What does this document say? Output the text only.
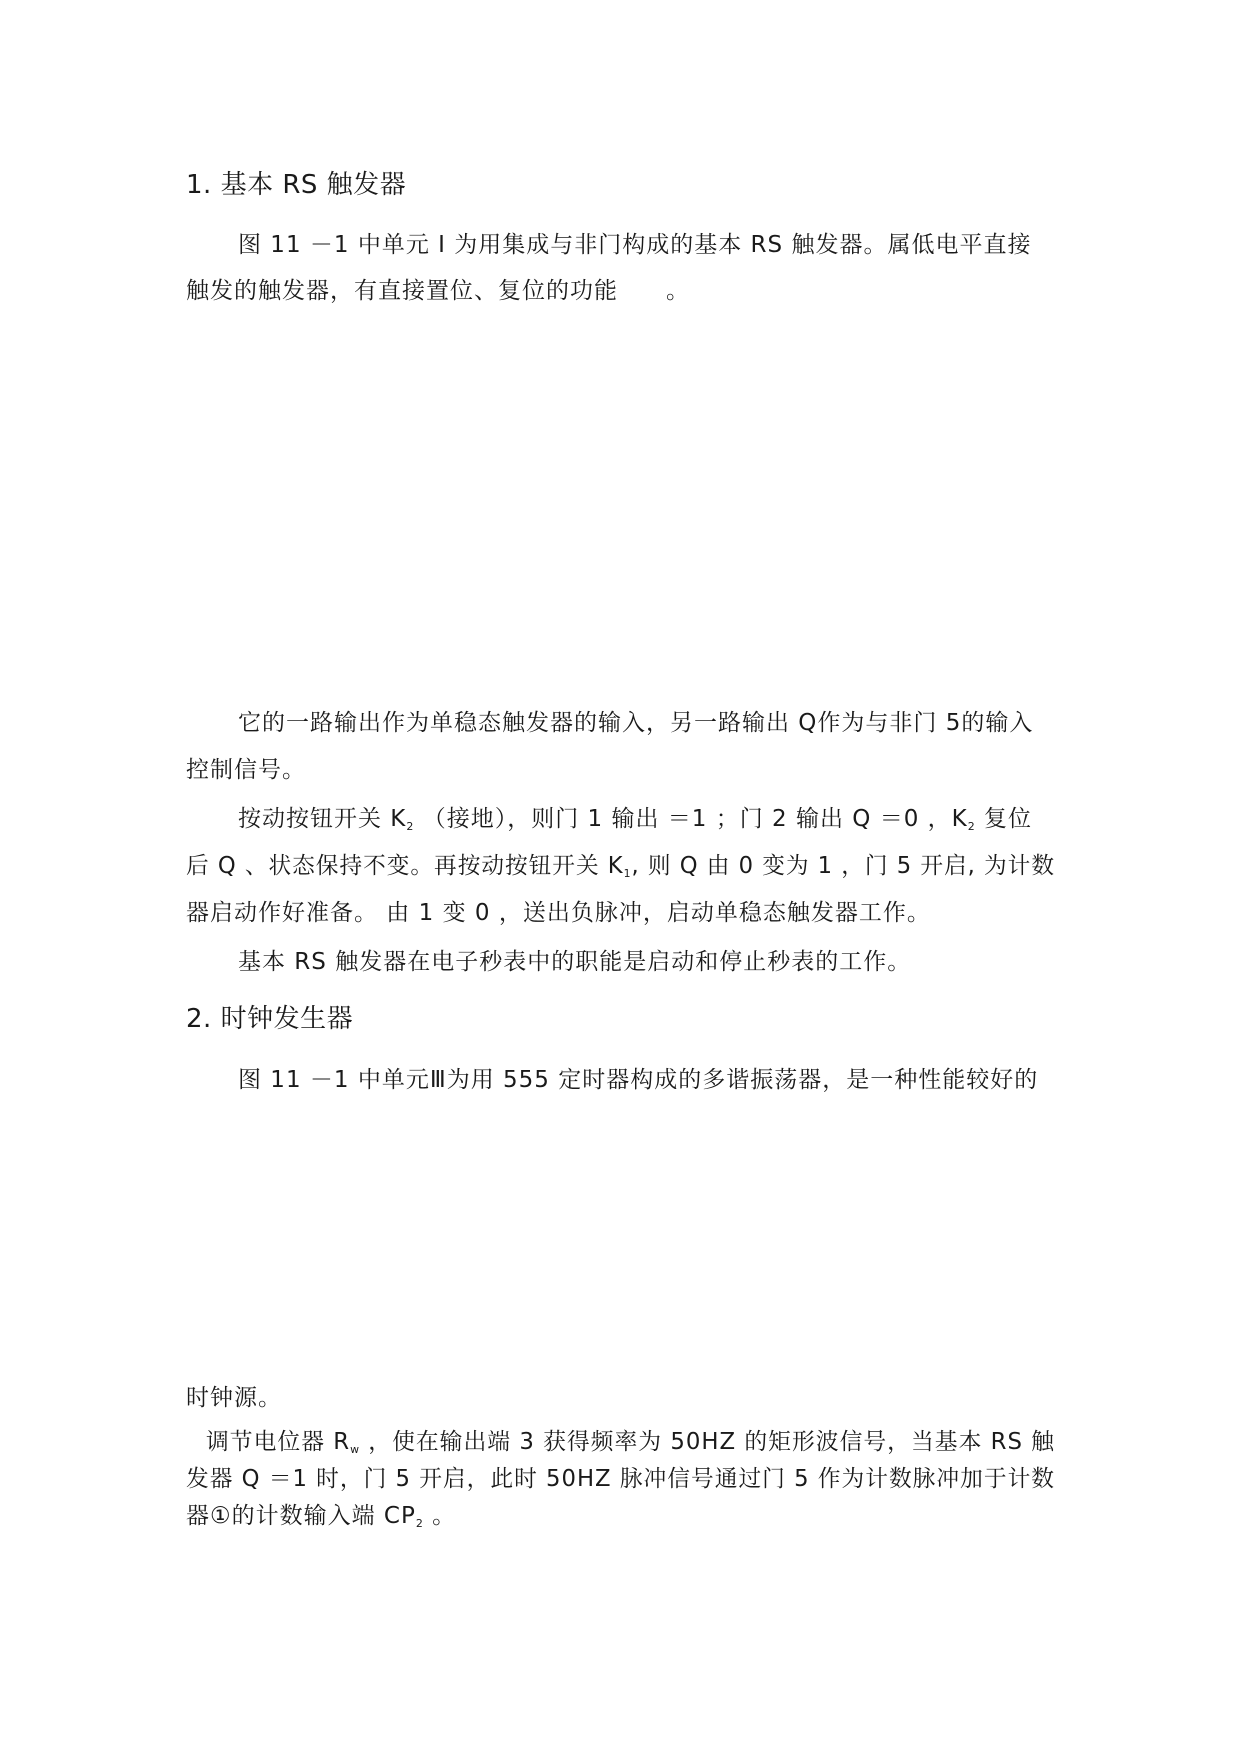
1. 基本 RS 触发器
图 11 －1 中单元 I 为用集成与非门构成的基本 RS 触发器。属低电平直接
触发的触发器，有直接置位、复位的功能　　。
它的一路输出作为单稳态触发器的输入，另一路输出 Q作为与非门 5的输入
控制信号。
按动按钮开关 $K_2$ （接地），则门 1 输出 ＝1 ；门 2 输出 Q ＝0 ，$K_2$ 复位
后 Q 、状态保持不变。再按动按钮开关 $K_1$, 则 Q 由 0 变为 1 ，门 5 开启, 为计数
器启动作好准备。 由 1 变 0 ，送出负脉冲，启动单稳态触发器工作。
基本 RS 触发器在电子秒表中的职能是启动和停止秒表的工作。
2. 时钟发生器
图 11 －1 中单元Ⅲ为用 555 定时器构成的多谐振荡器，是一种性能较好的
时钟源。
调节电位器 $R_w$ ，使在输出端 3 获得频率为 50HZ 的矩形波信号，当基本 RS 触
发器 Q ＝1 时，门 5 开启，此时 50HZ 脉冲信号通过门 5 作为计数脉冲加于计数
器①的计数输入端 $CP_2$ 。
